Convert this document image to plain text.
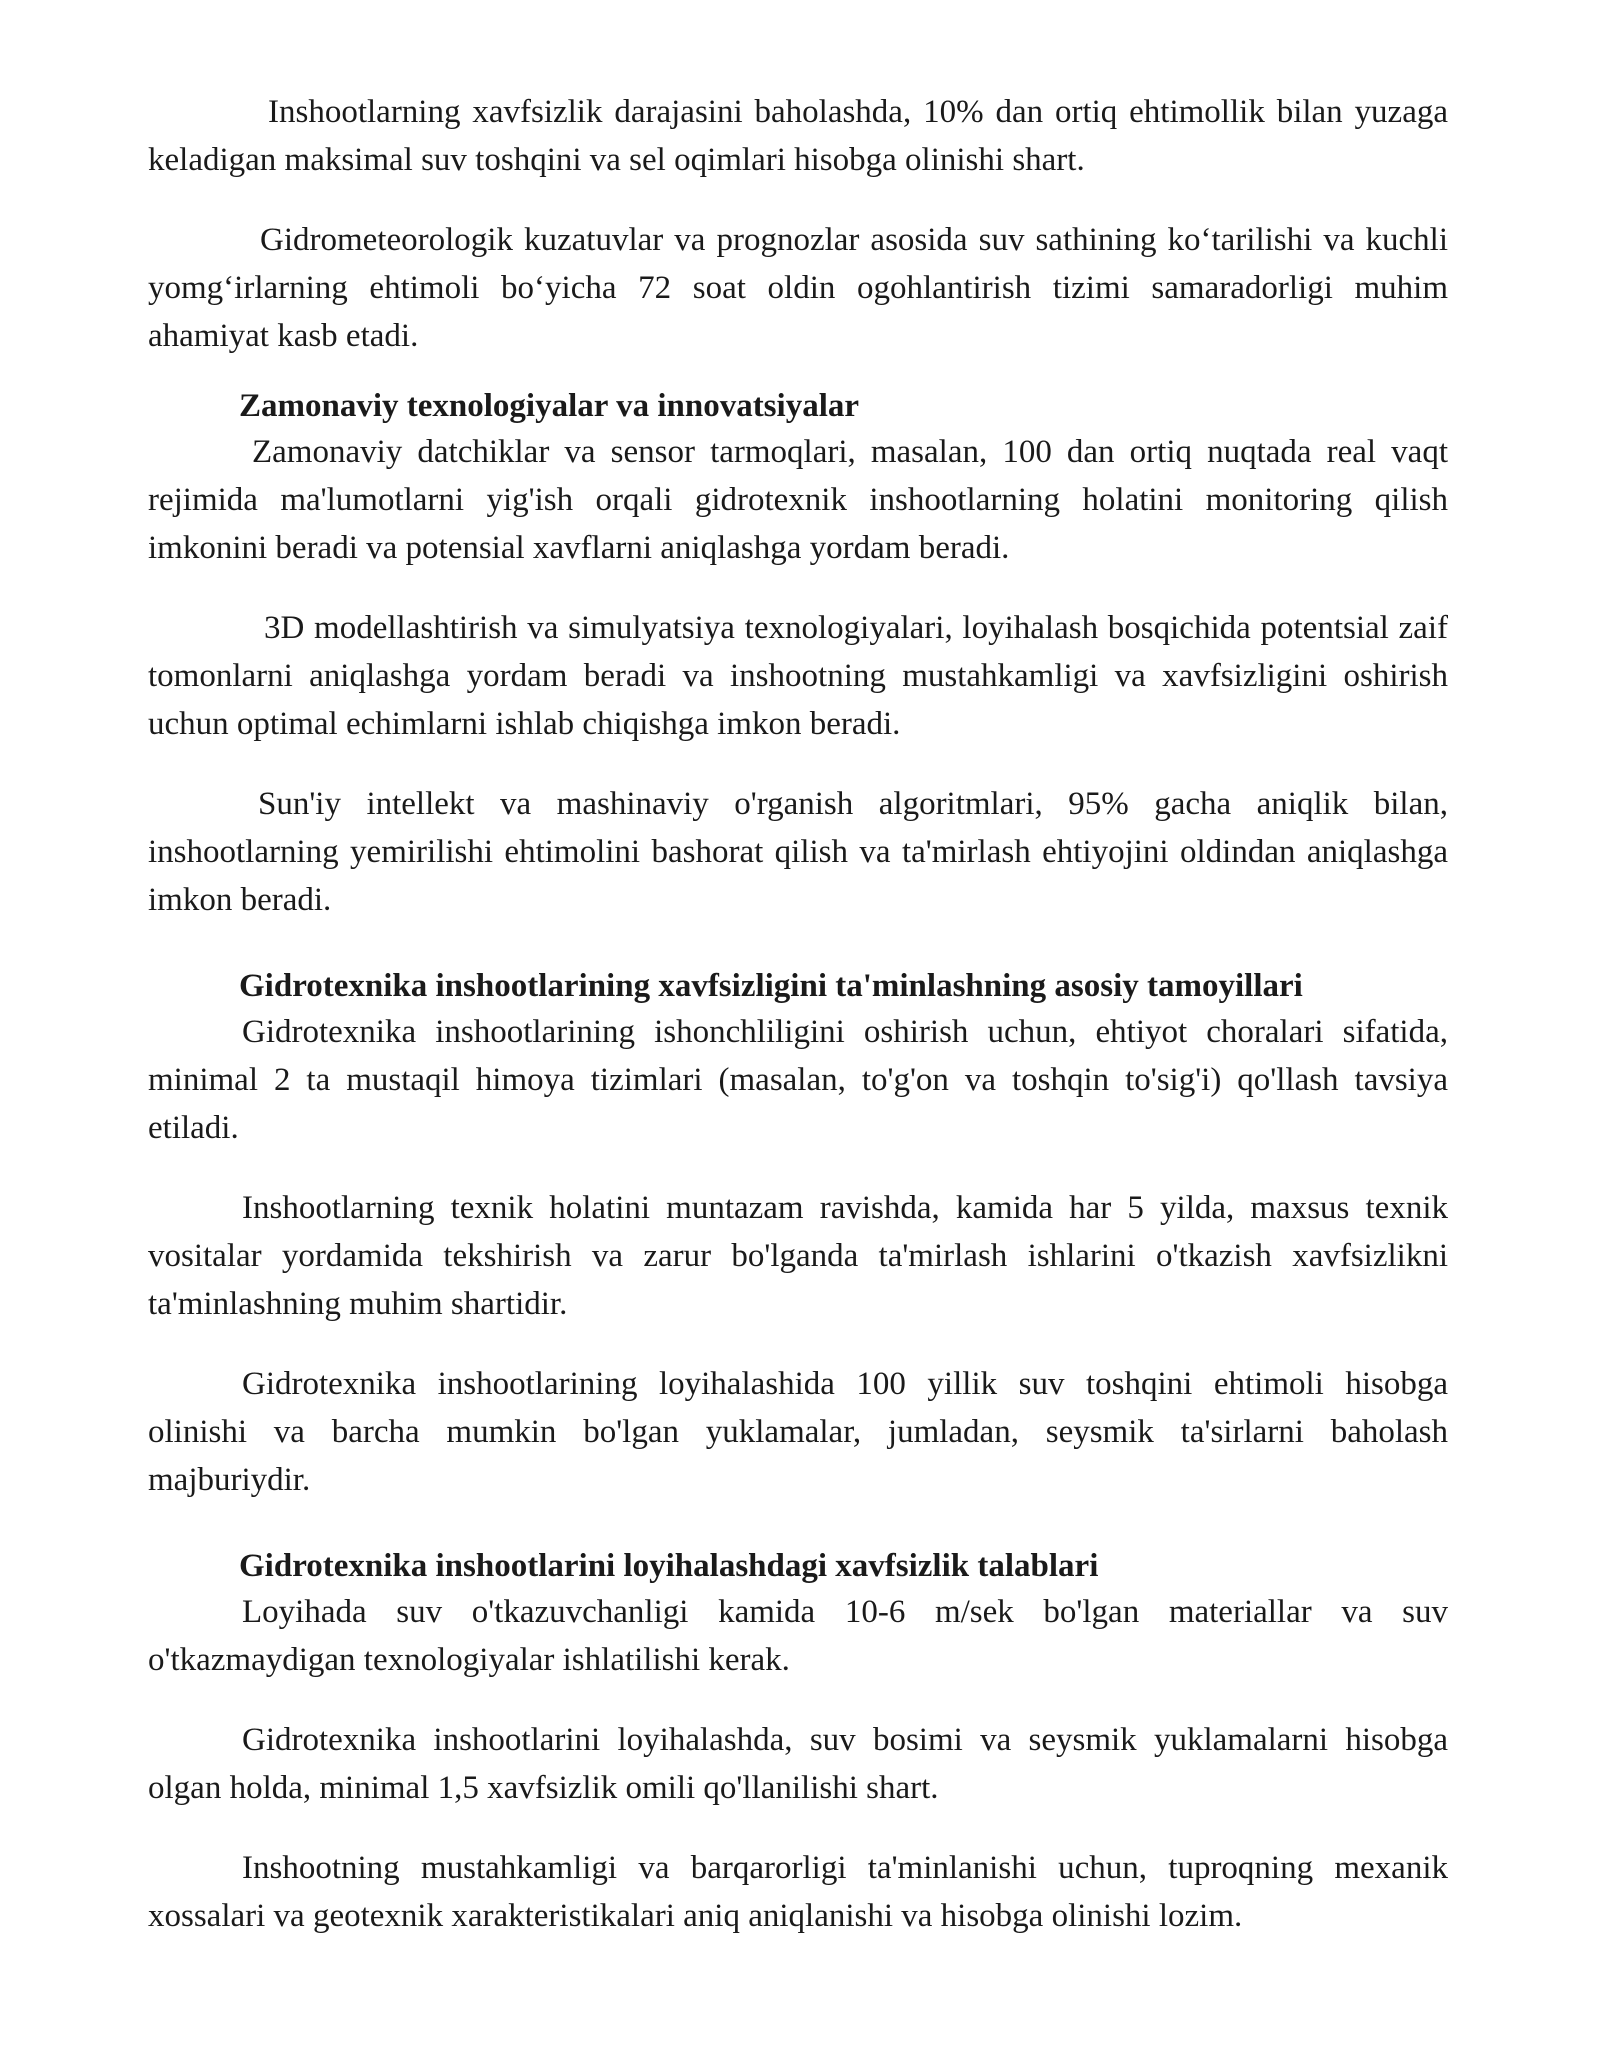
Inshootlarning xavfsizlik darajasini baholashda, 10% dan ortiq ehtimollik bilan yuzaga keladigan maksimal suv toshqini va sel oqimlari hisobga olinishi shart.

Gidrometeorologik kuzatuvlar va prognozlar asosida suv sathining ko‘tarilishi va kuchli yomg‘irlarning ehtimoli bo‘yicha 72 soat oldin ogohlantirish tizimi samaradorligi muhim ahamiyat kasb etadi.

Zamonaviy texnologiyalar va innovatsiyalar

Zamonaviy datchiklar va sensor tarmoqlari, masalan, 100 dan ortiq nuqtada real vaqt rejimida ma'lumotlarni yig'ish orqali gidrotexnik inshootlarning holatini monitoring qilish imkonini beradi va potensial xavflarni aniqlashga yordam beradi.

3D modellashtirish va simulyatsiya texnologiyalari, loyihalash bosqichida potentsial zaif tomonlarni aniqlashga yordam beradi va inshootning mustahkamligi va xavfsizligini oshirish uchun optimal echimlarni ishlab chiqishga imkon beradi.

Sun'iy intellekt va mashinaviy o'rganish algoritmlari, 95% gacha aniqlik bilan, inshootlarning yemirilishi ehtimolini bashorat qilish va ta'mirlash ehtiyojini oldindan aniqlashga imkon beradi.

Gidrotexnika inshootlarining xavfsizligini ta'minlashning asosiy tamoyillari

Gidrotexnika inshootlarining ishonchliligini oshirish uchun, ehtiyot choralari sifatida, minimal 2 ta mustaqil himoya tizimlari (masalan, to'g'on va toshqin to'sig'i) qo'llash tavsiya etiladi.

Inshootlarning texnik holatini muntazam ravishda, kamida har 5 yilda, maxsus texnik vositalar yordamida tekshirish va zarur bo'lganda ta'mirlash ishlarini o'tkazish xavfsizlikni ta'minlashning muhim shartidir.

Gidrotexnika inshootlarining loyihalashida 100 yillik suv toshqini ehtimoli hisobga olinishi va barcha mumkin bo'lgan yuklamalar, jumladan, seysmik ta'sirlarni baholash majburiydir.

Gidrotexnika inshootlarini loyihalashdagi xavfsizlik talablari

Loyihada suv o'tkazuvchanligi kamida 10-6 m/sek bo'lgan materiallar va suv o'tkazmaydigan texnologiyalar ishlatilishi kerak.

Gidrotexnika inshootlarini loyihalashda, suv bosimi va seysmik yuklamalarni hisobga olgan holda, minimal 1,5 xavfsizlik omili qo'llanilishi shart.

Inshootning mustahkamligi va barqarorligi ta'minlanishi uchun, tuproqning mexanik xossalari va geotexnik xarakteristikalari aniq aniqlanishi va hisobga olinishi lozim.
